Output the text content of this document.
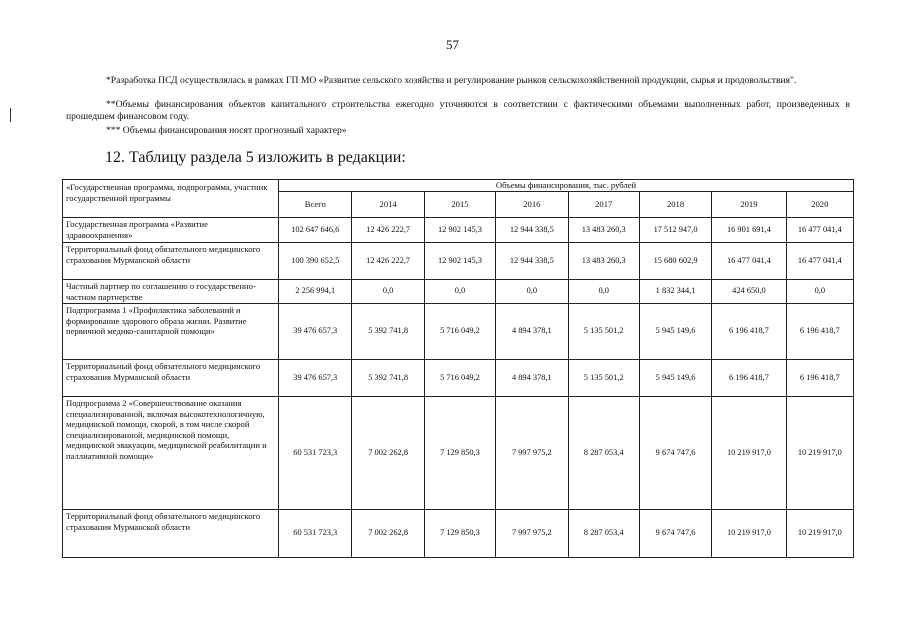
57
*Разработка ПСД осуществлялась в рамках ГП МО «Развитие сельского хозяйства и регулирование рынков сельскохозяйственной продукции, сырья и продовольствия".
**Объемы финансирования объектов капитального строительства ежегодно уточняются в соответствии с фактическими объемами выполненных работ, произведенных в прошедшем финансовом году.
*** Объемы финансирования носят прогнозный характер»
12. Таблицу раздела 5 изложить в редакции:
«Государственная программа, подпрограмма, участник государственной программы	Объемы финансирования, тыс. рублей							
	Всего	2014	2015	2016	2017	2018	2019	2020
Государственная программа «Развитие здравоохранения»	102 647 646,6	12 426 222,7	12 902 145,3	12 944 338,5	13 483 260,3	17 512 947,0	16 901 691,4	16 477 041,4
Территориальный фонд обязательного медицинского страхования Мурманской области	100 390 652,5	12 426 222,7	12 902 145,3	12 944 338,5	13 483 260,3	15 680 602,9	16 477 041,4	16 477 041,4
Частный партнер по соглашению о государственно-частном партнерстве	2 256 994,1	0,0	0,0	0,0	0,0	1 832 344,1	424 650,0	0,0
Подпрограмма 1 «Профилактика заболеваний и формирование здорового образа жизни. Развитие первичной медико-санитарной помощи»	39 476 657,3	5 392 741,8	5 716 049,2	4 894 378,1	5 135 501,2	5 945 149,6	6 196 418,7	6 196 418,7
Территориальный фонд обязательного медицинского страхования Мурманской области	39 476 657,3	5 392 741,8	5 716 049,2	4 894 378,1	5 135 501,2	5 945 149,6	6 196 418,7	6 196 418,7
Подпрограмма 2 «Совершенствование оказания специализированной, включая высокотехнологичную, медицинской помощи, скорой, в том числе скорой специализированной, медицинской помощи, медицинской эвакуации, медицинской реабилитации и паллиативной помощи»	60 531 723,3	7 002 262,8	7 129 850,3	7 997 975,2	8 287 053,4	9 674 747,6	10 219 917,0	10 219 917,0
Территориальный фонд обязательного медицинского страхования Мурманской области	60 531 723,3	7 002 262,8	7 129 850,3	7 997 975,2	8 287 053,4	9 674 747,6	10 219 917,0	10 219 917,0
